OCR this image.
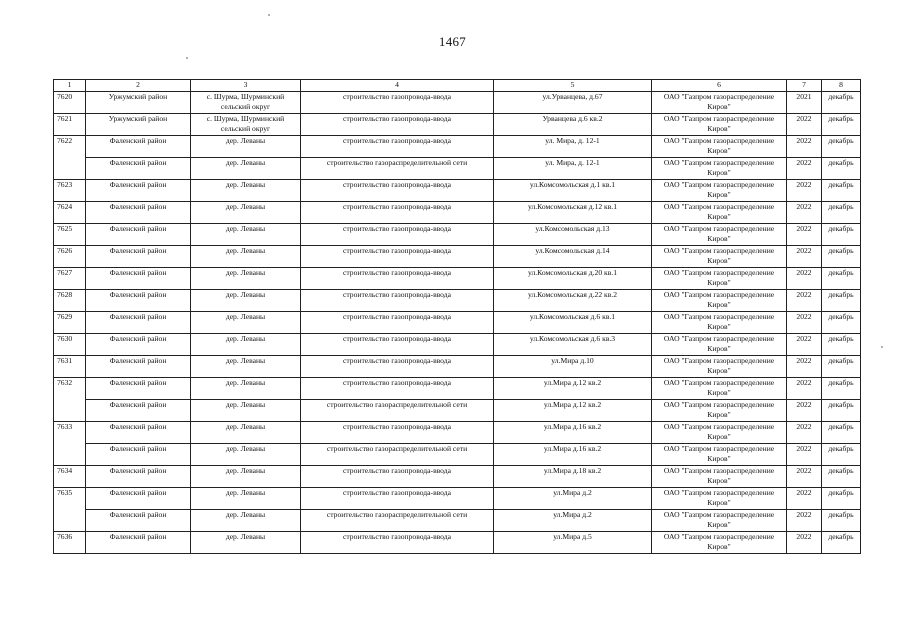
1467
1	2	3	4	5	6	7	8
7620	Уржумский район	с. Шурма, Шурминский сельский округ	строительство газопровода-ввода	ул.Урванцева, д.67	ОАО "Газпром газораспределение Киров"	2021	декабрь
7621	Уржумский район	с. Шурма, Шурминский сельский округ	строительство газопровода-ввода	Урванцева д.6 кв.2	ОАО "Газпром газораспределение Киров"	2022	декабрь
7622	Фаленский район	дер. Леваны	строительство газопровода-ввода	ул. Мира, д. 12-1	ОАО "Газпром газораспределение Киров"	2022	декабрь
	Фаленский район	дер. Леваны	строительство газораспределительной сети	ул. Мира, д. 12-1	ОАО "Газпром газораспределение Киров"	2022	декабрь
7623	Фаленский район	дер. Леваны	строительство газопровода-ввода	ул.Комсомольская д.1 кв.1	ОАО "Газпром газораспределение Киров"	2022	декабрь
7624	Фаленский район	дер. Леваны	строительство газопровода-ввода	ул.Комсомольская д.12 кв.1	ОАО "Газпром газораспределение Киров"	2022	декабрь
7625	Фаленский район	дер. Леваны	строительство газопровода-ввода	ул.Комсомольская д.13	ОАО "Газпром газораспределение Киров"	2022	декабрь
7626	Фаленский район	дер. Леваны	строительство газопровода-ввода	ул.Комсомольская д.14	ОАО "Газпром газораспределение Киров"	2022	декабрь
7627	Фаленский район	дер. Леваны	строительство газопровода-ввода	ул.Комсомольская д.20 кв.1	ОАО "Газпром газораспределение Киров"	2022	декабрь
7628	Фаленский район	дер. Леваны	строительство газопровода-ввода	ул.Комсомольская д.22 кв.2	ОАО "Газпром газораспределение Киров"	2022	декабрь
7629	Фаленский район	дер. Леваны	строительство газопровода-ввода	ул.Комсомольская д.6 кв.1	ОАО "Газпром газораспределение Киров"	2022	декабрь
7630	Фаленский район	дер. Леваны	строительство газопровода-ввода	ул.Комсомольская д.6 кв.3	ОАО "Газпром газораспределение Киров"	2022	декабрь
7631	Фаленский район	дер. Леваны	строительство газопровода-ввода	ул.Мира д.10	ОАО "Газпром газораспределение Киров"	2022	декабрь
7632	Фаленский район	дер. Леваны	строительство газопровода-ввода	ул.Мира д.12 кв.2	ОАО "Газпром газораспределение Киров"	2022	декабрь
	Фаленский район	дер. Леваны	строительство газораспределительной сети	ул.Мира д.12 кв.2	ОАО "Газпром газораспределение Киров"	2022	декабрь
7633	Фаленский район	дер. Леваны	строительство газопровода-ввода	ул.Мира д.16 кв.2	ОАО "Газпром газораспределение Киров"	2022	декабрь
	Фаленский район	дер. Леваны	строительство газораспределительной сети	ул.Мира д.16 кв.2	ОАО "Газпром газораспределение Киров"	2022	декабрь
7634	Фаленский район	дер. Леваны	строительство газопровода-ввода	ул.Мира д.18 кв.2	ОАО "Газпром газораспределение Киров"	2022	декабрь
7635	Фаленский район	дер. Леваны	строительство газопровода-ввода	ул.Мира д.2	ОАО "Газпром газораспределение Киров"	2022	декабрь
	Фаленский район	дер. Леваны	строительство газораспределительной сети	ул.Мира д.2	ОАО "Газпром газораспределение Киров"	2022	декабрь
7636	Фаленский район	дер. Леваны	строительство газопровода-ввода	ул.Мира д.5	ОАО "Газпром газораспределение Киров"	2022	декабрь
